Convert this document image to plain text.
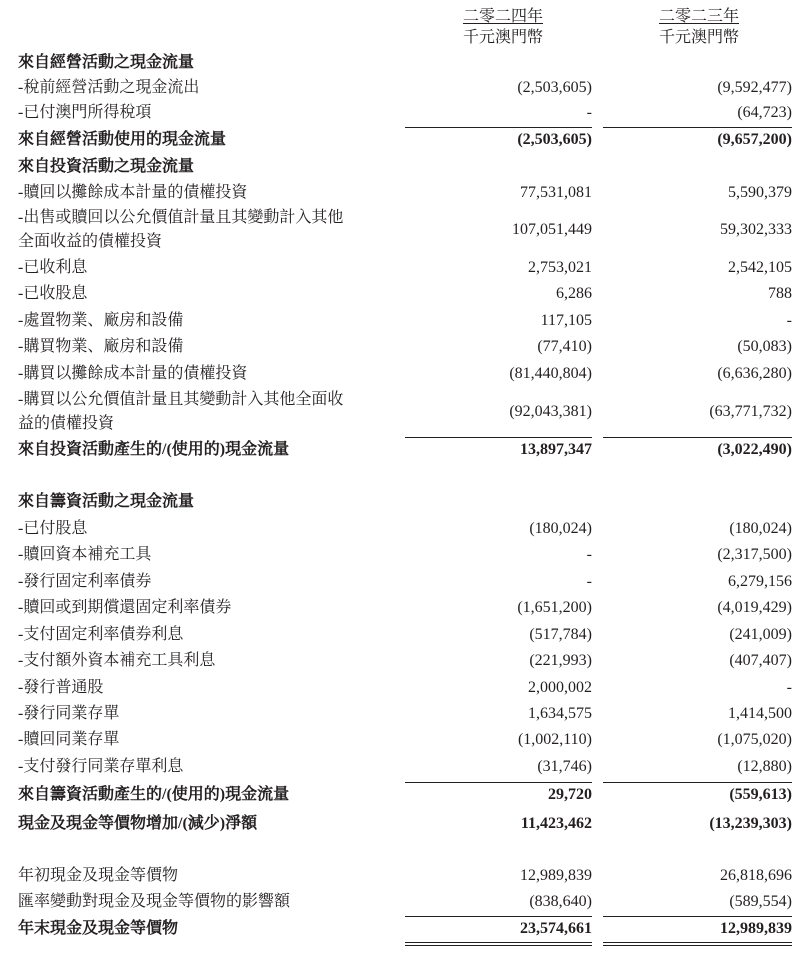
二零二四年
千元澳門幣
二零二三年
千元澳門幣
來自經營活動之現金流量
-稅前經營活動之現金流出	(2,503,605)	(9,592,477)
-已付澳門所得稅項	-	(64,723)
來自經營活動使用的現金流量	(2,503,605)	(9,657,200)
來自投資活動之現金流量
-贖回以攤餘成本計量的債權投資	77,531,081	5,590,379
-出售或贖回以公允價值計量且其變動計入其他
全面收益的債權投資
107,051,449	59,302,333
-已收利息	2,753,021	2,542,105
-已收股息	6,286	788
-處置物業、廠房和設備	117,105	-
-購買物業、廠房和設備	(77,410)	(50,083)
-購買以攤餘成本計量的債權投資	(81,440,804)	(6,636,280)
-購買以公允價值計量且其變動計入其他全面收
益的債權投資
(92,043,381)	(63,771,732)
來自投資活動產生的/(使用的)現金流量	13,897,347	(3,022,490)
來自籌資活動之現金流量
-已付股息	(180,024)	(180,024)
-贖回資本補充工具	-	(2,317,500)
-發行固定利率債券	-	6,279,156
-贖回或到期償還固定利率債券	(1,651,200)	(4,019,429)
-支付固定利率債券利息	(517,784)	(241,009)
-支付額外資本補充工具利息	(221,993)	(407,407)
-發行普通股	2,000,002	-
-發行同業存單	1,634,575	1,414,500
-贖回同業存單	(1,002,110)	(1,075,020)
-支付發行同業存單利息	(31,746)	(12,880)
來自籌資活動產生的/(使用的)現金流量	29,720	(559,613)
現金及現金等價物增加/(減少)淨額	11,423,462	(13,239,303)
年初現金及現金等價物	12,989,839	26,818,696
匯率變動對現金及現金等價物的影響額	(838,640)	(589,554)
年末現金及現金等價物	23,574,661	12,989,839
